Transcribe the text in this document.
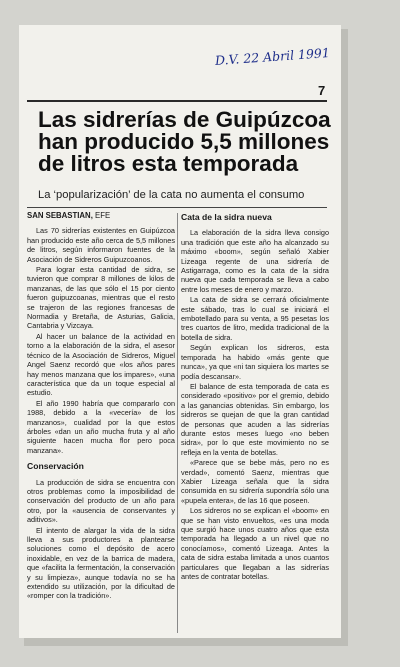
D.V. 22 Abril 1991
7
Las sidrerías de Guipúzcoa
han producido 5,5 millones
de litros esta temporada
La ‘popularización’ de la cata no aumenta el consumo
SAN SEBASTIAN, EFE

Las 70 sidrerías existentes en Guipúzcoa han producido este año cerca de 5,5 millones de litros, según informaron fuentes de la Asociación de Sidreros Guipuzcoanos.

Para lograr esta cantidad de sidra, se tuvieron que comprar 8 millones de kilos de manzanas, de las que sólo el 15 por ciento fueron guipuzcoanas, mientras que el resto se trajeron de las regiones francesas de Normadia y Bretaña, de Asturias, Galicia, Cantabria y Vizcaya.

Al hacer un balance de la actividad en torno a la elaboración de la sidra, el asesor técnico de la Asociación de Sidreros, Miguel Angel Saenz recordó que «los años pares hay menos manzana que los impares», «una característica que da un toque especial al estudio.

El año 1990 habría que compararlo con 1988, debido a la «vecería» de los manzanos», cualidad por la que estos árboles «dan un año mucha fruta y al año siguiente hacen mucha flor pero poca manzana».

Conservación

La producción de sidra se encuentra con otros problemas como la imposibilidad de conservación del producto de un año para otro, por la «ausencia de conservantes y aditivos».

El intento de alargar la vida de la sidra lleva a sus productores a plantearse soluciones como el depósito de acero inoxidable, en vez de la barrica de madera, que «facilita la fermentación, la conservación y su limpieza», aunque todavía no se ha extendido su utilización, por la dificultad de «romper con la tradición».

Cata de la sidra nueva

La elaboración de la sidra lleva consigo una tradición que este año ha alcanzado su máximo «boom», según señaló Xabier Lizeaga regente de una sidrería de Astigarraga, como es la cata de la sidra nueva que cada temporada se lleva a cabo entre los meses de enero y marzo.

La cata de sidra se cerrará oficialmente este sábado, tras lo cual se iniciará el embotellado para su venta, a 95 pesetas los tres cuartos de litro, medida tradicional de la botella de sidra.

Según explican los sidreros, esta temporada ha habido «más gente que nunca», ya que «ni tan siquiera los martes se podía descansar».

El balance de esta temporada de cata es considerado «positivo» por el gremio, debido a las ganancias obtenidas. Sin embargo, los sidreros se quejan de que la gran cantidad de personas que acuden a las sidrerías durante estos meses luego «no beben sidra», por lo que este movimiento no se refleja en la venta de botellas.

«Parece que se bebe más, pero no es verdad», comentó Saenz, mientras que Xabier Lizeaga señala que la sidra consumida en su sidrería supondría sólo una «pupela entera», de las 16 que poseen.

Los sidreros no se explican el «boom» en que se han visto envueltos, «es una moda que surgió hace unos cuatro años que esta temporada ha llegado a un nivel que no conocíamos», comentó Lizeaga. Antes la cata de sidra estaba limitada a unos cuantos particulares que llegaban a las sidrerías antes de contratar botellas.
